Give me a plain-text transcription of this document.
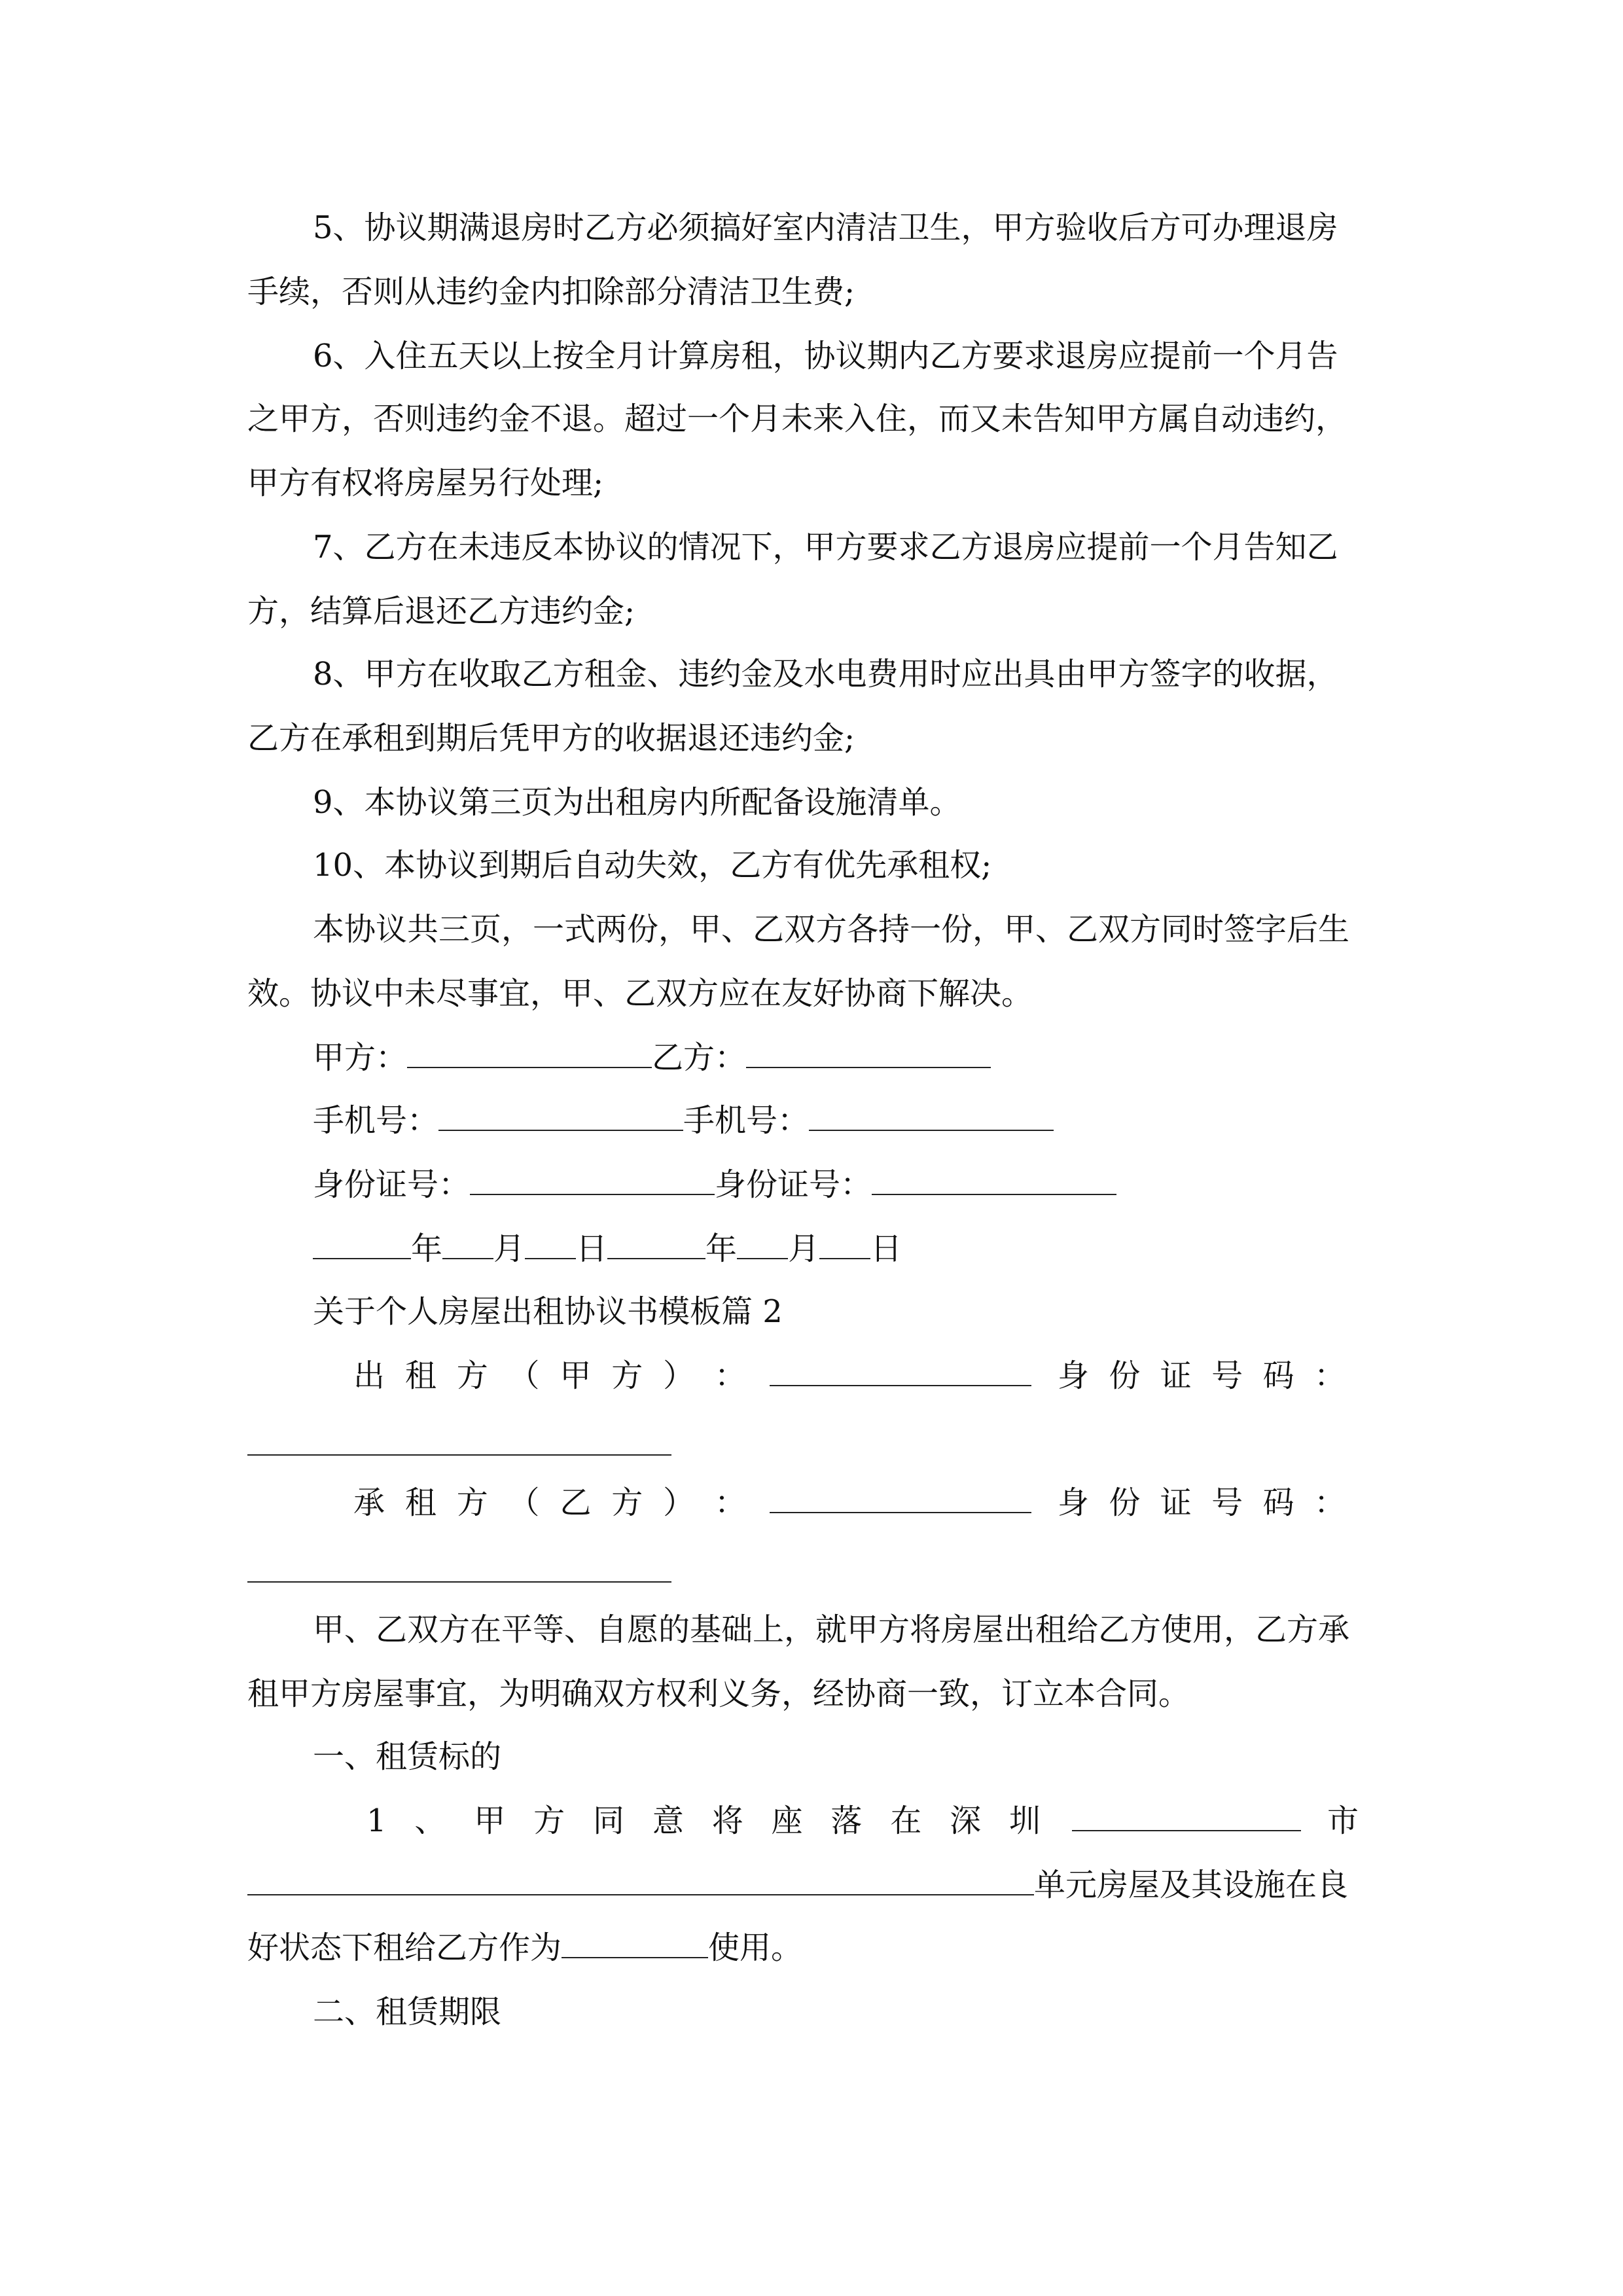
5、协议期满退房时乙方必须搞好室内清洁卫生，甲方验收后方可办理退房
手续，否则从违约金内扣除部分清洁卫生费;
6、入住五天以上按全月计算房租，协议期内乙方要求退房应提前一个月告
之甲方，否则违约金不退。超过一个月未来入住，而又未告知甲方属自动违约，
甲方有权将房屋另行处理;
7、乙方在未违反本协议的情况下，甲方要求乙方退房应提前一个月告知乙
方，结算后退还乙方违约金;
8、甲方在收取乙方租金、违约金及水电费用时应出具由甲方签字的收据，
乙方在承租到期后凭甲方的收据退还违约金;
9、本协议第三页为出租房内所配备设施清单。
10、本协议到期后自动失效，乙方有优先承租权;
本协议共三页，一式两份，甲、乙双方各持一份，甲、乙双方同时签字后生
效。协议中未尽事宜，甲、乙双方应在友好协商下解决。
甲方：	乙方：
手机号：	手机号：
身份证号：	身份证号：
年 月 日	年 月 日
关于个人房屋出租协议书模板篇 2
出 租 方 （ 甲 方 ） ：	身 份 证 号 码 ：
承 租 方 （ 乙 方 ） ：	身 份 证 号 码 ：
甲、乙双方在平等、自愿的基础上，就甲方将房屋出租给乙方使用，乙方承
租甲方房屋事宜，为明确双方权利义务，经协商一致，订立本合同。
一、租赁标的
1 、 甲 方 同 意 将 座 落 在 深 圳	市
单元房屋及其设施在良
好状态下租给乙方作为	使用。
二、租赁期限
